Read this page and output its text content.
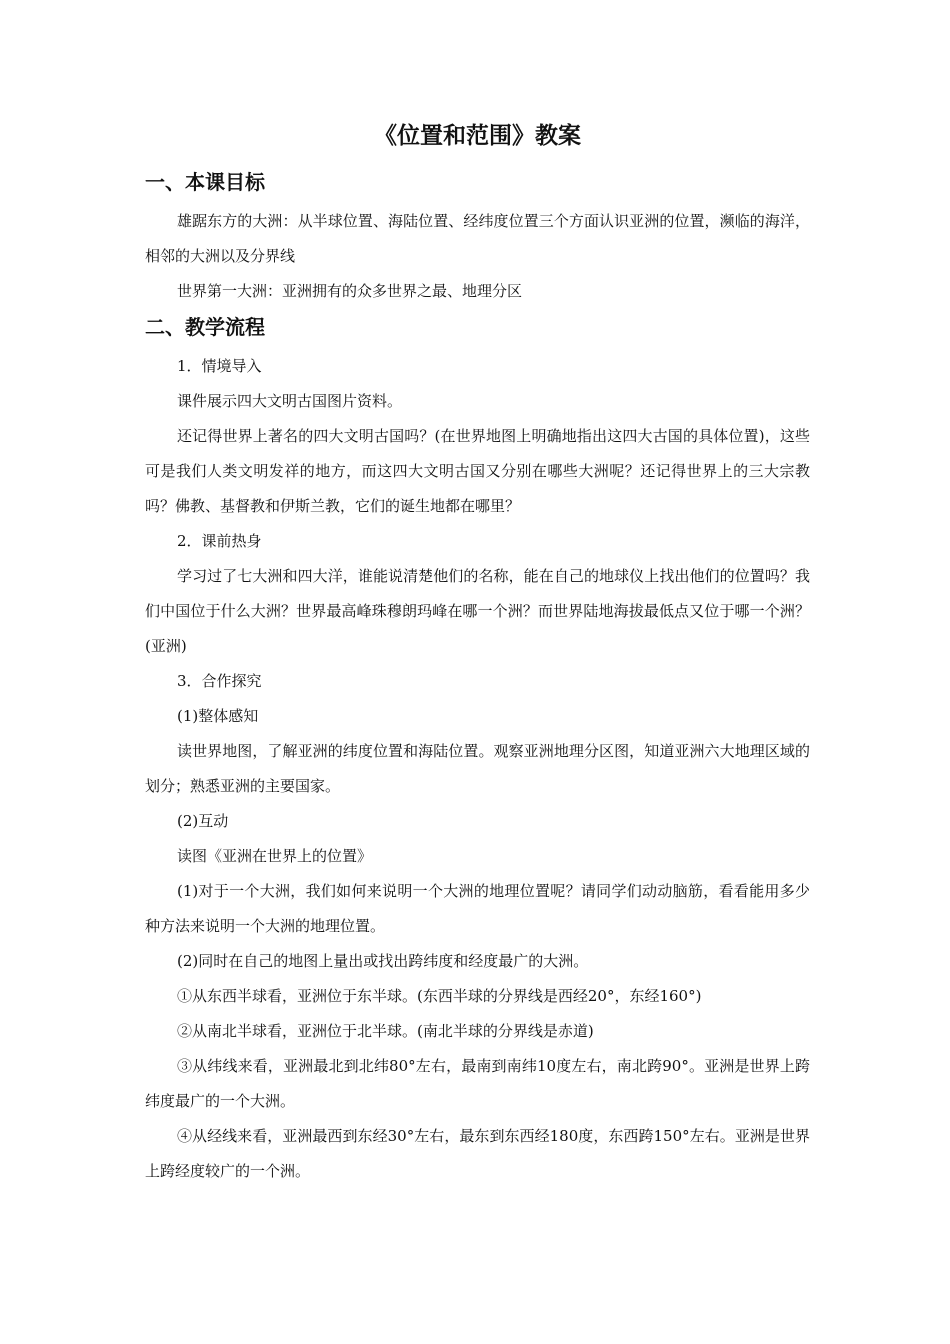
《位置和范围》教案
一、本课目标

雄踞东方的大洲：从半球位置、海陆位置、经纬度位置三个方面认识亚洲的位置，濒临的海洋，相邻的大洲以及分界线

世界第一大洲：亚洲拥有的众多世界之最、地理分区

二、教学流程

1．情境导入

课件展示四大文明古国图片资料。

还记得世界上著名的四大文明古国吗？(在世界地图上明确地指出这四大古国的具体位置)，这些可是我们人类文明发祥的地方，而这四大文明古国又分别在哪些大洲呢？还记得世界上的三大宗教吗？佛教、基督教和伊斯兰教，它们的诞生地都在哪里？

2．课前热身

学习过了七大洲和四大洋，谁能说清楚他们的名称，能在自己的地球仪上找出他们的位置吗？我们中国位于什么大洲？世界最高峰珠穆朗玛峰在哪一个洲？而世界陆地海拔最低点又位于哪一个洲？(亚洲)

3．合作探究

(1)整体感知

读世界地图，了解亚洲的纬度位置和海陆位置。观察亚洲地理分区图，知道亚洲六大地理区域的划分；熟悉亚洲的主要国家。

(2)互动

读图《亚洲在世界上的位置》

(1)对于一个大洲，我们如何来说明一个大洲的地理位置呢？请同学们动动脑筋，看看能用多少种方法来说明一个大洲的地理位置。

(2)同时在自己的地图上量出或找出跨纬度和经度最广的大洲。

①从东西半球看，亚洲位于东半球。(东西半球的分界线是西经20°，东经160°)

②从南北半球看，亚洲位于北半球。(南北半球的分界线是赤道)

③从纬线来看，亚洲最北到北纬80°左右，最南到南纬10度左右，南北跨90°。亚洲是世界上跨纬度最广的一个大洲。

④从经线来看，亚洲最西到东经30°左右，最东到东西经180度，东西跨150°左右。亚洲是世界上跨经度较广的一个洲。
